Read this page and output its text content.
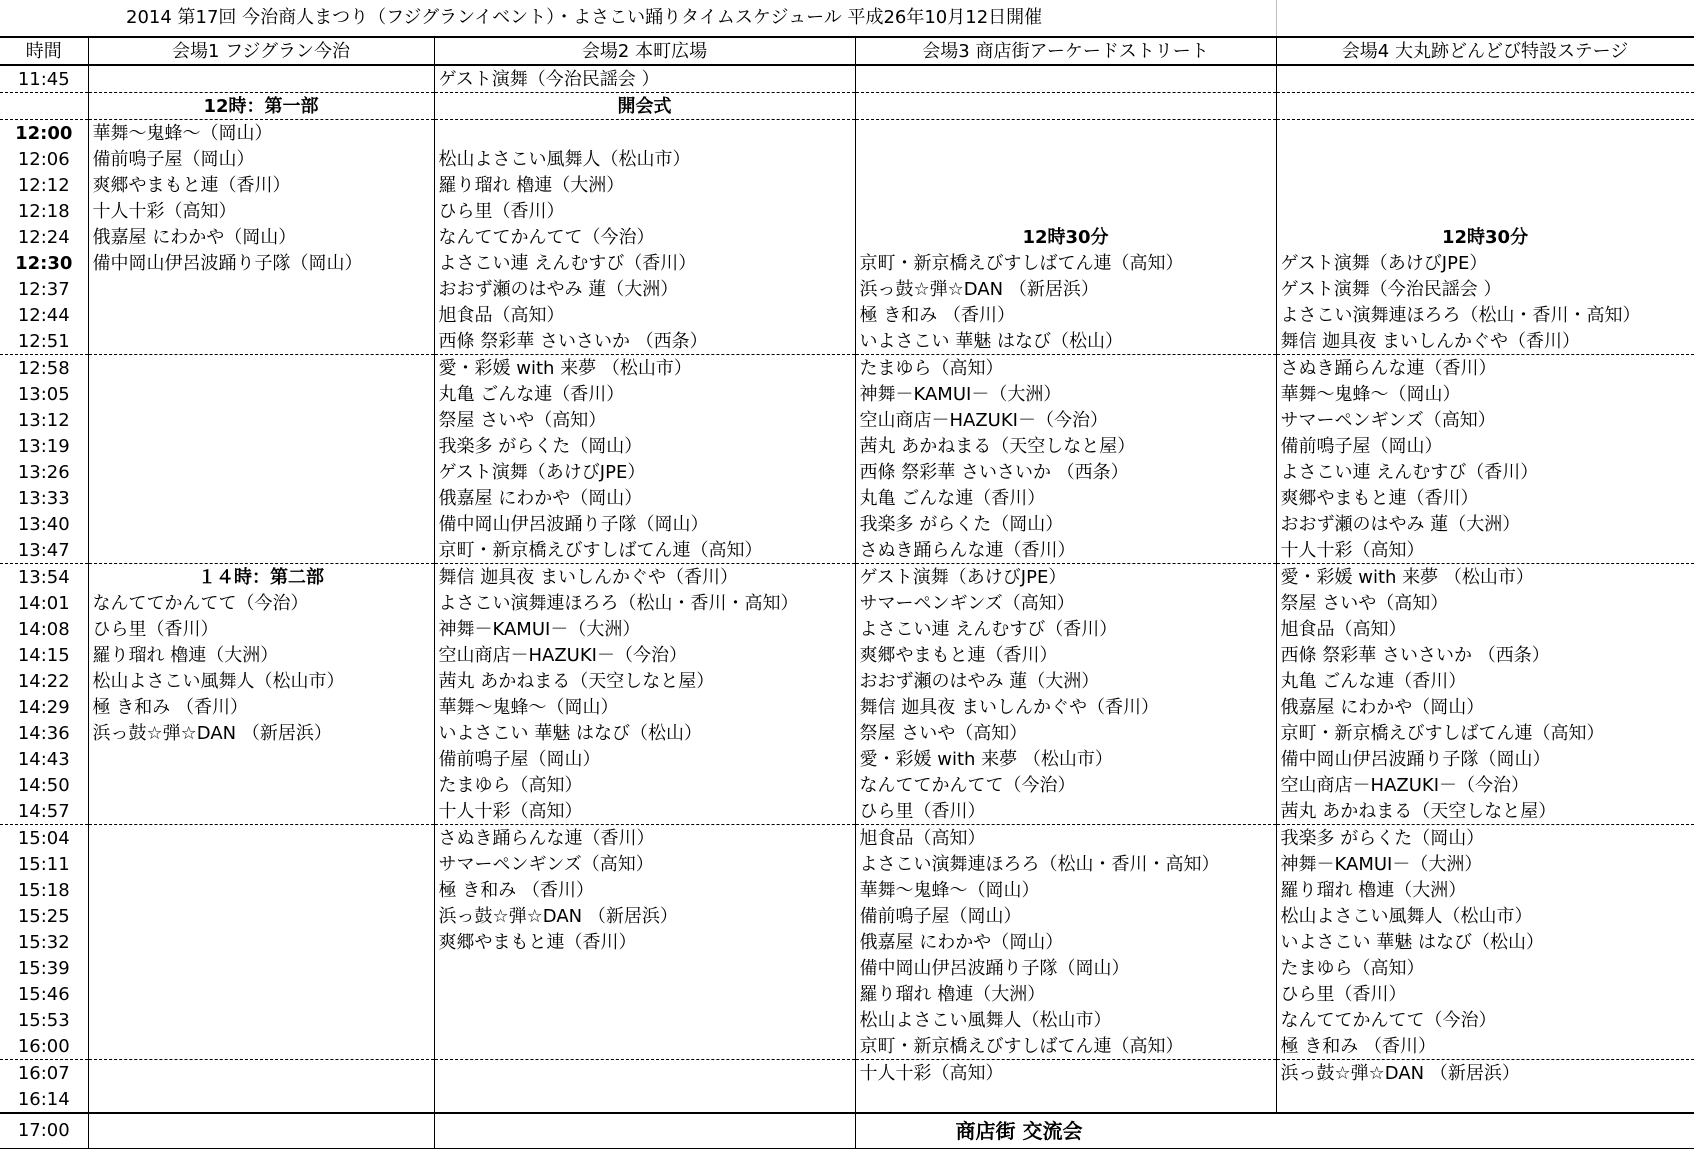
	2014 第17回 今治商人まつり（フジグランイベント）・よさこい踊りタイムスケジュール 平成26年10月12日開催			
時間	会場1 フジグラン今治	会場2 本町広場	会場3 商店街アーケードストリート	会場4 大丸跡どんどび特設ステージ
11:45		ゲスト演舞（今治民謡会 ）		
	12時：第一部	開会式		
12:00	華舞～鬼蜂～（岡山）			
12:06	備前鳴子屋（岡山）	松山よさこい風舞人（松山市）		
12:12	爽郷やまもと連（香川）	羅り瑠れ 櫓連（大洲）		
12:18	十人十彩（高知）	ひら里（香川）		
12:24	俄嘉屋 にわかや（岡山）	なんててかんてて（今治）	12時30分	12時30分
12:30	備中岡山伊呂波踊り子隊（岡山）	よさこい連 えんむすび（香川）	京町・新京橋えびすしばてん連（高知）	ゲスト演舞（あけびJPE）
12:37		おおず瀬のはやみ 蓮（大洲）	浜っ鼓☆弾☆DAN （新居浜）	ゲスト演舞（今治民謡会 ）
12:44		旭食品（高知）	極 き和み （香川）	よさこい演舞連ほろろ（松山・香川・高知）
12:51		西條 祭彩華 さいさいか （西条）	いよさこい 華魅 はなび（松山）	舞信 迦具夜 まいしんかぐや（香川）
12:58		愛・彩媛 with 来夢 （松山市）	たまゆら（高知）	さぬき踊らんな連（香川）
13:05		丸亀 ごんな連（香川）	神舞－KAMUI－（大洲）	華舞～鬼蜂～（岡山）
13:12		祭屋 さいや（高知）	空山商店－HAZUKI－（今治）	サマーペンギンズ（高知）
13:19		我楽多 がらくた（岡山）	茜丸 あかねまる（天空しなと屋）	備前鳴子屋（岡山）
13:26		ゲスト演舞（あけびJPE）	西條 祭彩華 さいさいか （西条）	よさこい連 えんむすび（香川）
13:33		俄嘉屋 にわかや（岡山）	丸亀 ごんな連（香川）	爽郷やまもと連（香川）
13:40		備中岡山伊呂波踊り子隊（岡山）	我楽多 がらくた（岡山）	おおず瀬のはやみ 蓮（大洲）
13:47		京町・新京橋えびすしばてん連（高知）	さぬき踊らんな連（香川）	十人十彩（高知）
13:54	１４時：第二部	舞信 迦具夜 まいしんかぐや（香川）	ゲスト演舞（あけびJPE）	愛・彩媛 with 来夢 （松山市）
14:01	なんててかんてて（今治）	よさこい演舞連ほろろ（松山・香川・高知）	サマーペンギンズ（高知）	祭屋 さいや（高知）
14:08	ひら里（香川）	神舞－KAMUI－（大洲）	よさこい連 えんむすび（香川）	旭食品（高知）
14:15	羅り瑠れ 櫓連（大洲）	空山商店－HAZUKI－（今治）	爽郷やまもと連（香川）	西條 祭彩華 さいさいか （西条）
14:22	松山よさこい風舞人（松山市）	茜丸 あかねまる（天空しなと屋）	おおず瀬のはやみ 蓮（大洲）	丸亀 ごんな連（香川）
14:29	極 き和み （香川）	華舞～鬼蜂～（岡山）	舞信 迦具夜 まいしんかぐや（香川）	俄嘉屋 にわかや（岡山）
14:36	浜っ鼓☆弾☆DAN （新居浜）	いよさこい 華魅 はなび（松山）	祭屋 さいや（高知）	京町・新京橋えびすしばてん連（高知）
14:43		備前鳴子屋（岡山）	愛・彩媛 with 来夢 （松山市）	備中岡山伊呂波踊り子隊（岡山）
14:50		たまゆら（高知）	なんててかんてて（今治）	空山商店－HAZUKI－（今治）
14:57		十人十彩（高知）	ひら里（香川）	茜丸 あかねまる（天空しなと屋）
15:04		さぬき踊らんな連（香川）	旭食品（高知）	我楽多 がらくた（岡山）
15:11		サマーペンギンズ（高知）	よさこい演舞連ほろろ（松山・香川・高知）	神舞－KAMUI－（大洲）
15:18		極 き和み （香川）	華舞～鬼蜂～（岡山）	羅り瑠れ 櫓連（大洲）
15:25		浜っ鼓☆弾☆DAN （新居浜）	備前鳴子屋（岡山）	松山よさこい風舞人（松山市）
15:32		爽郷やまもと連（香川）	俄嘉屋 にわかや（岡山）	いよさこい 華魅 はなび（松山）
15:39			備中岡山伊呂波踊り子隊（岡山）	たまゆら（高知）
15:46			羅り瑠れ 櫓連（大洲）	ひら里（香川）
15:53			松山よさこい風舞人（松山市）	なんててかんてて（今治）
16:00			京町・新京橋えびすしばてん連（高知）	極 き和み （香川）
16:07			十人十彩（高知）	浜っ鼓☆弾☆DAN （新居浜）
16:14				
17:00			商店街 交流会	
